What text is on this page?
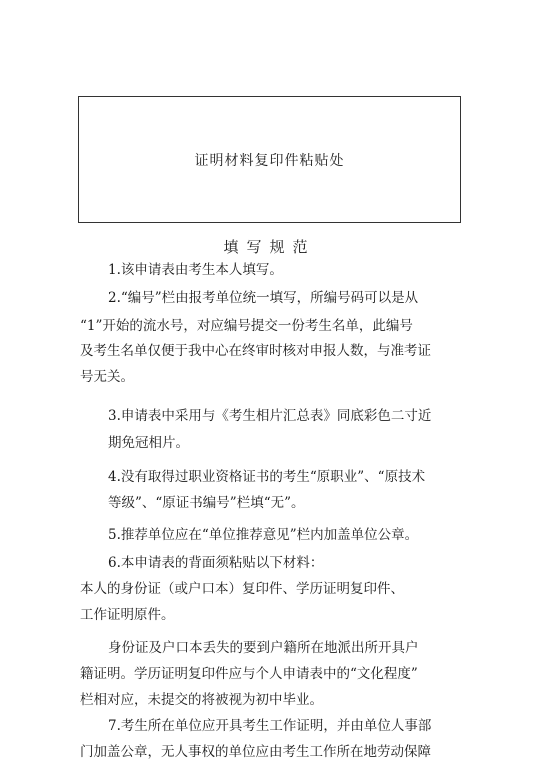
证明材料复印件粘贴处
填写规范
1.该申请表由考生本人填写。
2.“编号”栏由报考单位统一填写，所编号码可以是从
“1”开始的流水号，对应编号提交一份考生名单，此编号
及考生名单仅便于我中心在终审时核对申报人数，与准考证
号无关。
3.申请表中采用与《考生相片汇总表》同底彩色二寸近
期免冠相片。
4.没有取得过职业资格证书的考生“原职业”、“原技术
等级”、“原证书编号”栏填“无”。
5.推荐单位应在“单位推荐意见”栏内加盖单位公章。
6.本申请表的背面须粘贴以下材料：
本人的身份证（或户口本）复印件、学历证明复印件、
工作证明原件。
身份证及户口本丢失的要到户籍所在地派出所开具户
籍证明。学历证明复印件应与个人申请表中的“文化程度”
栏相对应，未提交的将被视为初中毕业。
7.考生所在单位应开具考生工作证明，并由单位人事部
门加盖公章，无人事权的单位应由考生工作所在地劳动保障
